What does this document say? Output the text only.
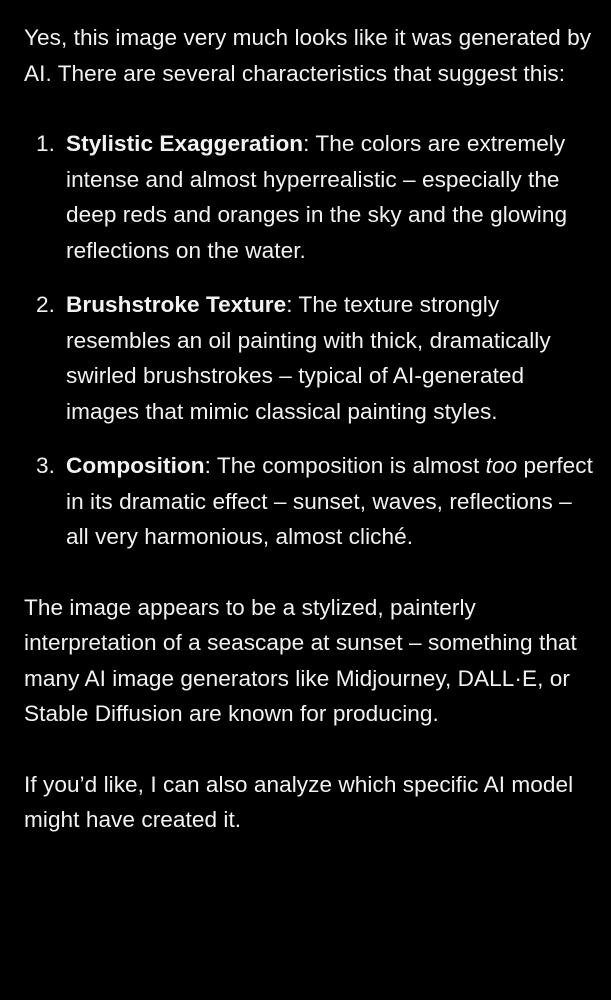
Yes, this image very much looks like it was generated by AI. There are several characteristics that suggest this:

1. Stylistic Exaggeration: The colors are extremely intense and almost hyperrealistic – especially the deep reds and oranges in the sky and the glowing reflections on the water.
2. Brushstroke Texture: The texture strongly resembles an oil painting with thick, dramatically swirled brushstrokes – typical of AI-generated images that mimic classical painting styles.
3. Composition: The composition is almost too perfect in its dramatic effect – sunset, waves, reflections – all very harmonious, almost cliché.

The image appears to be a stylized, painterly interpretation of a seascape at sunset – something that many AI image generators like Midjourney, DALL·E, or Stable Diffusion are known for producing.

If you’d like, I can also analyze which specific AI model might have created it.
